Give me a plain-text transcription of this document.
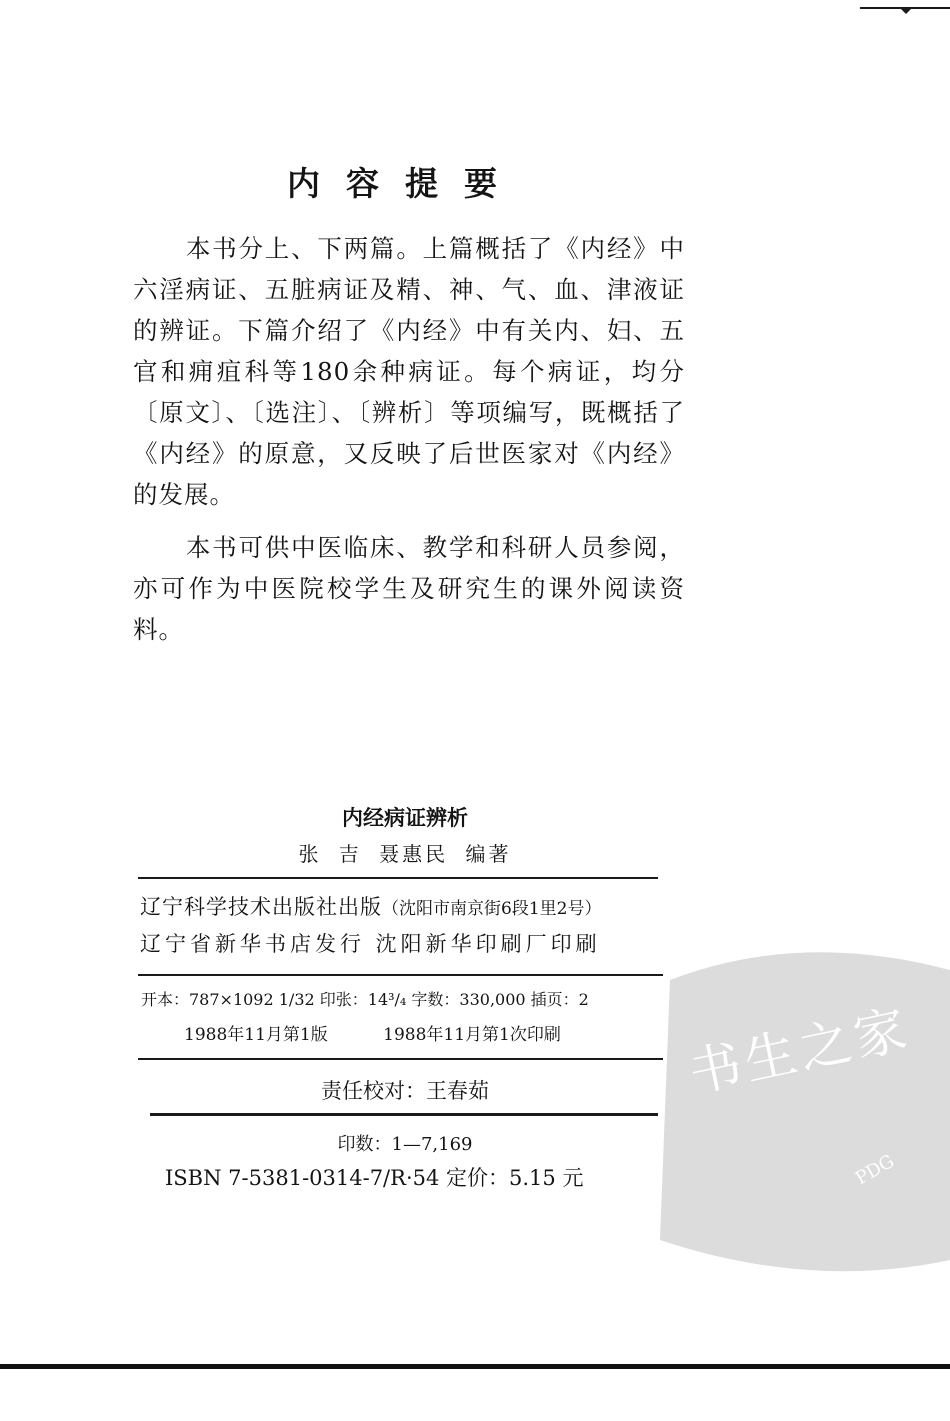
内容提要
本书分上、下两篇。上篇概括了《内经》中六淫病证、五脏病证及精、神、气、血、津液证的辨证。下篇介绍了《内经》中有关内、妇、五官和痈疽科等180余种病证。每个病证，均分〔原文〕、〔选注〕、〔辨析〕等项编写，既概括了《内经》的原意，又反映了后世医家对《内经》的发展。
本书可供中医临床、教学和科研人员参阅，亦可作为中医院校学生及研究生的课外阅读资料。
内经病证辨析
张 吉 聂惠民 编著
辽宁科学技术出版社出版（沈阳市南京街6段1里2号）
辽宁省新华书店发行 沈阳新华印刷厂印刷
开本：787×1092 1/32 印张：14³/₄ 字数：330,000 插页：2
1988年11月第1版	1988年11月第1次印刷
责任校对：王春茹
印数：1—7,169
ISBN 7-5381-0314-7/R·54 定价：5.15 元
书生之家
PDG
